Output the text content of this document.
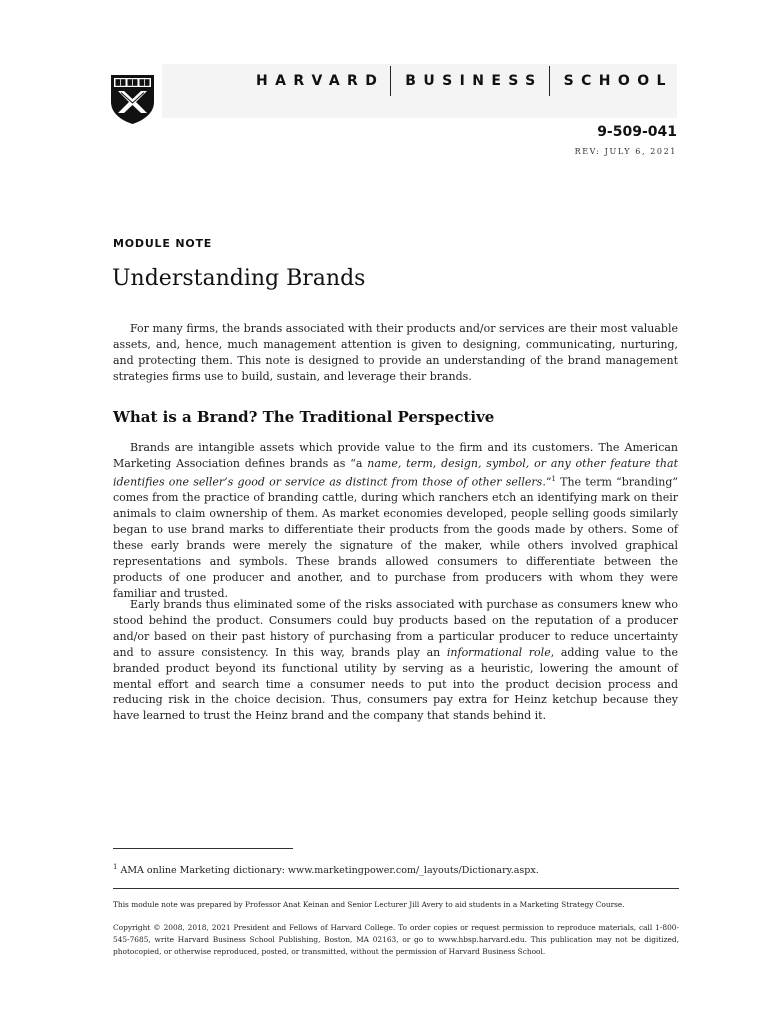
HARVARD BUSINESS SCHOOL
9-509-041
REV: JULY 6, 2021
MODULE NOTE
Understanding Brands

For many firms, the brands associated with their products and/or services are their most valuable assets, and, hence, much management attention is given to designing, communicating, nurturing, and protecting them. This note is designed to provide an understanding of the brand management strategies firms use to build, sustain, and leverage their brands.

What is a Brand? The Traditional Perspective

Brands are intangible assets which provide value to the firm and its customers. The American Marketing Association defines brands as “a name, term, design, symbol, or any other feature that identifies one seller’s good or service as distinct from those of other sellers.”$^1$ The term “branding” comes from the practice of branding cattle, during which ranchers etch an identifying mark on their animals to claim ownership of them. As market economies developed, people selling goods similarly began to use brand marks to differentiate their products from the goods made by others. Some of these early brands were merely the signature of the maker, while others involved graphical representations and symbols. These brands allowed consumers to differentiate between the products of one producer and another, and to purchase from producers with whom they were familiar and trusted.

Early brands thus eliminated some of the risks associated with purchase as consumers knew who stood behind the product. Consumers could buy products based on the reputation of a producer and/or based on their past history of purchasing from a particular producer to reduce uncertainty and to assure consistency. In this way, brands play an informational role, adding value to the branded product beyond its functional utility by serving as a heuristic, lowering the amount of mental effort and search time a consumer needs to put into the product decision process and reducing risk in the choice decision. Thus, consumers pay extra for Heinz ketchup because they have learned to trust the Heinz brand and the company that stands behind it.

$^1$ AMA online Marketing dictionary: www.marketingpower.com/_layouts/Dictionary.aspx.
This module note was prepared by Professor Anat Keinan and Senior Lecturer Jill Avery to aid students in a Marketing Strategy Course.
Copyright © 2008, 2018, 2021 President and Fellows of Harvard College. To order copies or request permission to reproduce materials, call 1-800-545-7685, write Harvard Business School Publishing, Boston, MA 02163, or go to www.hbsp.harvard.edu. This publication may not be digitized, photocopied, or otherwise reproduced, posted, or transmitted, without the permission of Harvard Business School.
